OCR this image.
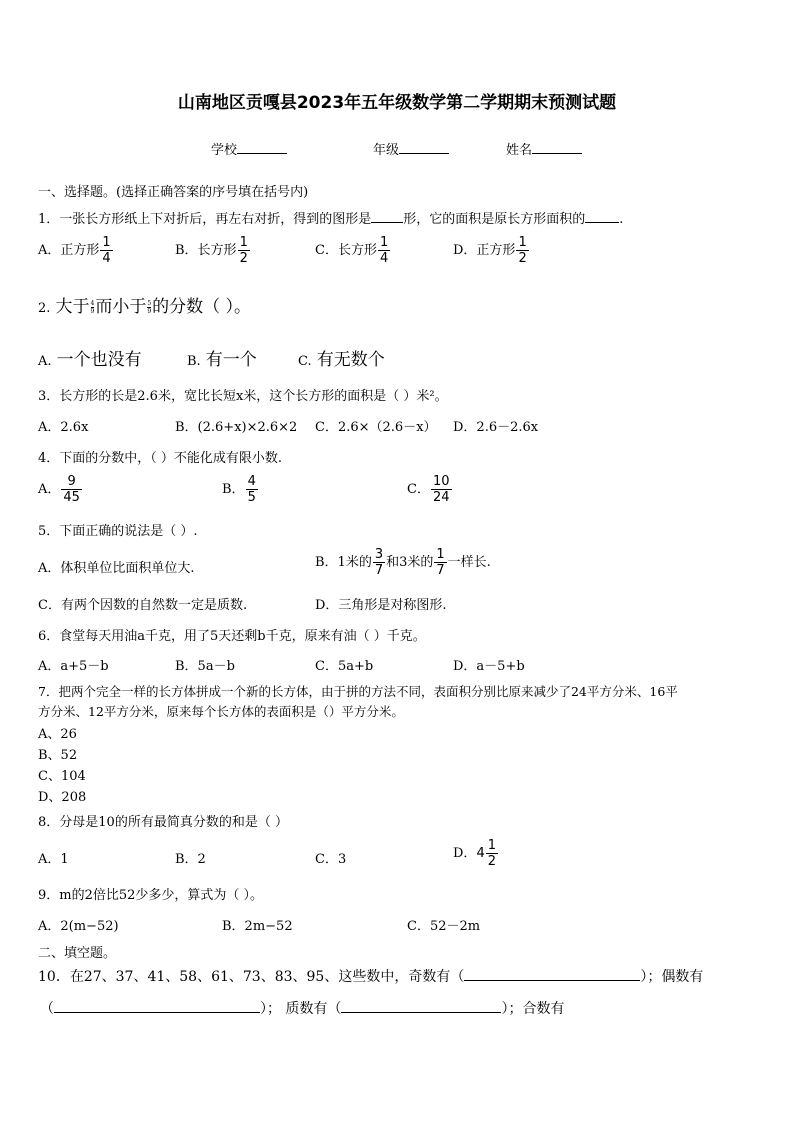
山南地区贡嘎县2023年五年级数学第二学期期末预测试题
学校	年级	姓名
一、选择题。(选择正确答案的序号填在括号内)
1．一张长方形纸上下对折后，再左右对折，得到的图形是 形，它的面积是原长方形面积的	.
A．正方形 $\frac{1}{4}$	B．长方形 $\frac{1}{2}$	C．长方形 $\frac{1}{4}$	D．正方形 $\frac{1}{2}$
2. 大于 $\frac{4}{9}$ 而小于 $\frac{5}{9}$ 的分数（ ）。
A. 一个也没有	B. 有一个	C. 有无数个
3．长方形的长是2.6米，宽比长短x米，这个长方形的面积是（ ）米²。
A．2.6x	B．(2.6+x)×2.6×2 C．2.6×（2.6－x） D．2.6－2.6x
4．下面的分数中，（ ）不能化成有限小数.
A． $\frac{9}{45}$	B． $\frac{4}{5}$	C． $\frac{10}{24}$
5．下面正确的说法是（ ）.
A．体积单位比面积单位大.	B．1米的 $\frac{3}{7}$ 和3米的 $\frac{1}{7}$ 一样长.
C．有两个因数的自然数一定是质数.	D．三角形是对称图形.
6．食堂每天用油a千克，用了5天还剩b千克，原来有油（ ）千克。
A．a+5－b	B．5a－b	C．5a+b	D．a－5+b
7．把两个完全一样的长方体拼成一个新的长方体，由于拼的方法不同，表面积分别比原来减少了24平方分米、16平
方分米、12平方分米，原来每个长方体的表面积是（）平方分米。
A、26
B、52
C、104
D、208
8．分母是10的所有最简真分数的和是（ ）
A．1	B．2	C．3	D． $4 \frac{1}{2}$
9．m的2倍比52少多少，算式为（ ）。
A．2(m−52)	B．2m−52	C．52－2m
二、填空题。
10．在27、37、41、58、61、73、83、95、这些数中，奇数有（	）；偶数有
（	）； 质数有（	）；合数有
